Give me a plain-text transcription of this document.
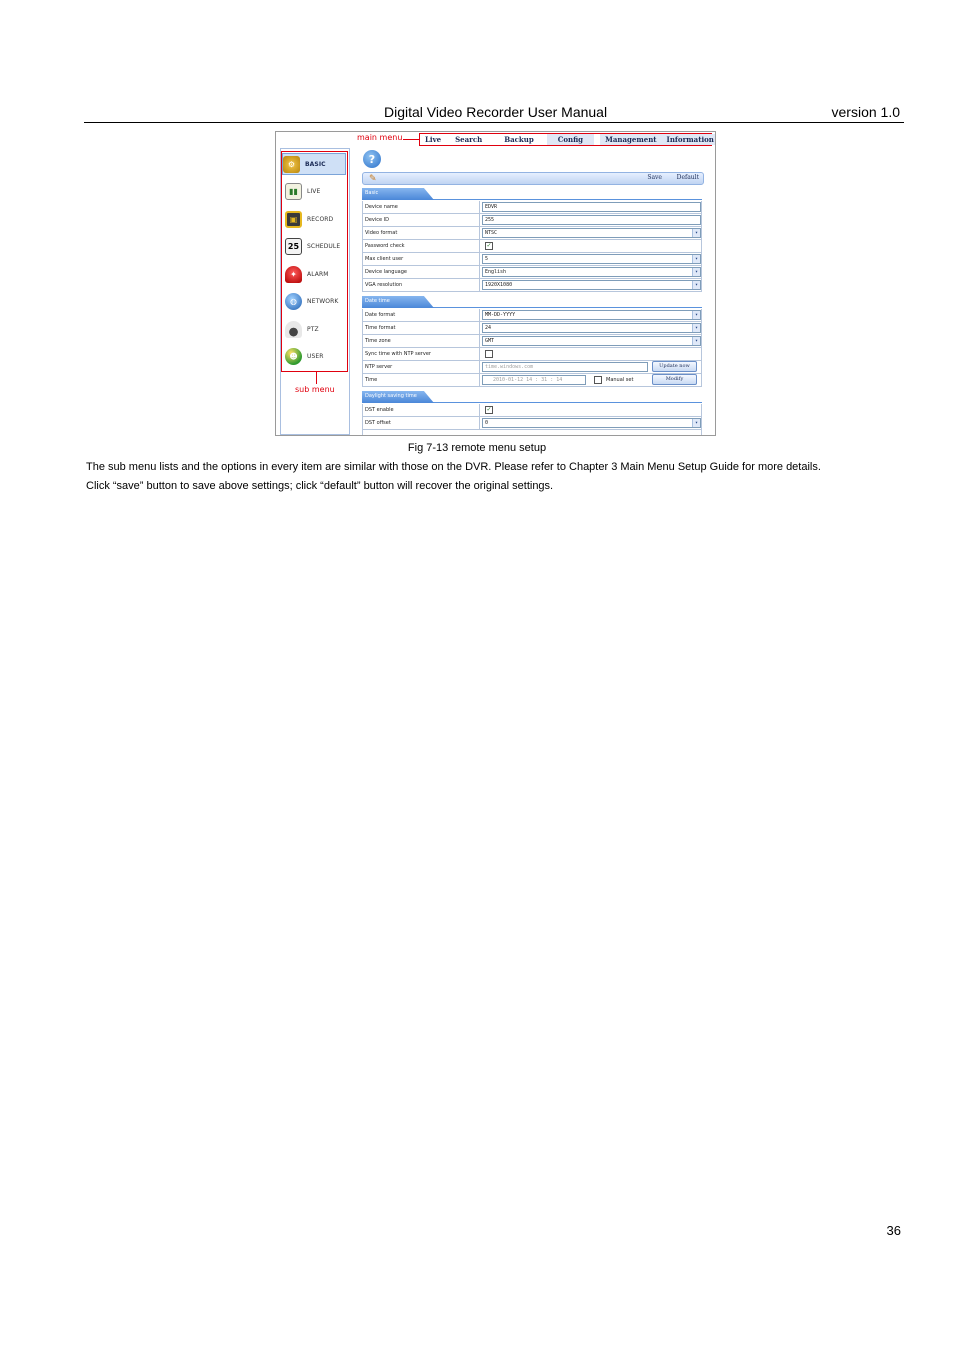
Digital Video Recorder User Manual	version 1.0
main menu	Live	Search	Backup	Config	Management	Information
⚙	BASIC
▮▮	LIVE
▣	RECORD
25	SCHEDULE
✦	ALARM
◍	NETWORK
PTZ
☻	USER
sub menu
?
✎	Save Default
Basic
Device name	EDVR
Device ID	255
Video format	NTSC	▾
Password check	✓
Max client user	5	▾
Device language	English	▾
VGA resolution	1920X1080	▾
Date time
Date format	MM-DD-YYYY	▾
Time format	24	▾
Time zone	GMT	▾
Sync time with NTP server
NTP server	time.windows.com	Update now
Time	2010-01-12 14 : 31 : 14	Manual set	Modify
Daylight saving time
DST enable	✓
DST offset	0	▾
Fig 7-13 remote menu setup

The sub menu lists and the options in every item are similar with those on the DVR. Please refer to Chapter 3 Main Menu Setup Guide for more details.

Click “save” button to save above settings; click “default” button will recover the original settings.

36
